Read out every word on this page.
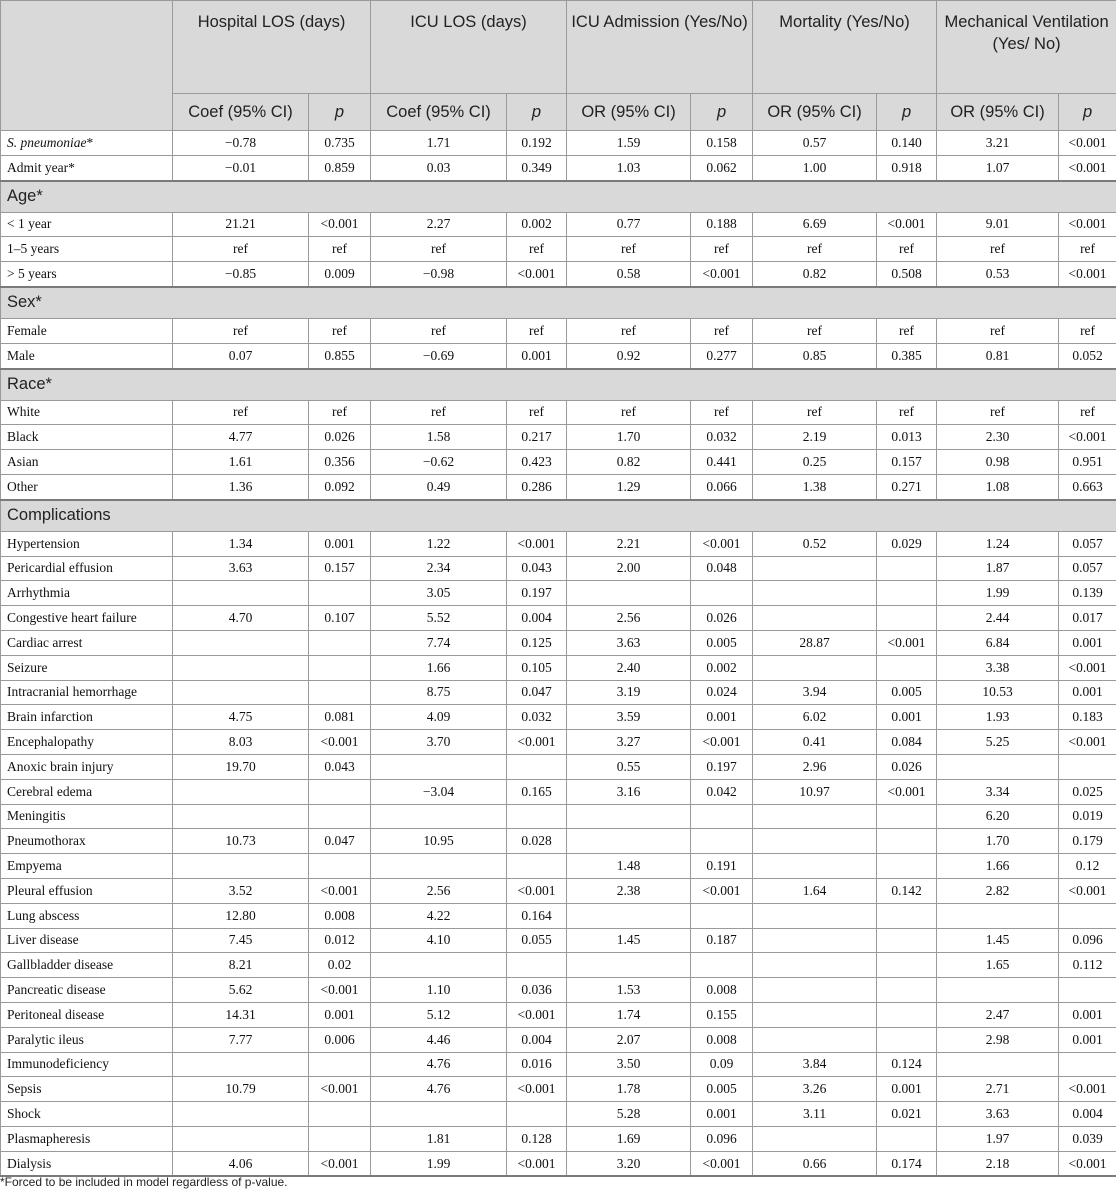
	Hospital LOS (days)		ICU LOS (days)		ICU Admission (Yes/No)		Mortality (Yes/No)		Mechanical Ventilation (Yes/ No)	
	Coef (95% CI)	p	Coef (95% CI)	p	OR (95% CI)	p	OR (95% CI)	p	OR (95% CI)	p
S. pneumoniae*	−0.78	0.735	1.71	0.192	1.59	0.158	0.57	0.140	3.21	<0.001
Admit year*	−0.01	0.859	0.03	0.349	1.03	0.062	1.00	0.918	1.07	<0.001
Age*										
< 1 year	21.21	<0.001	2.27	0.002	0.77	0.188	6.69	<0.001	9.01	<0.001
1–5 years	ref	ref	ref	ref	ref	ref	ref	ref	ref	ref
> 5 years	−0.85	0.009	−0.98	<0.001	0.58	<0.001	0.82	0.508	0.53	<0.001
Sex*										
Female	ref	ref	ref	ref	ref	ref	ref	ref	ref	ref
Male	0.07	0.855	−0.69	0.001	0.92	0.277	0.85	0.385	0.81	0.052
Race*										
White	ref	ref	ref	ref	ref	ref	ref	ref	ref	ref
Black	4.77	0.026	1.58	0.217	1.70	0.032	2.19	0.013	2.30	<0.001
Asian	1.61	0.356	−0.62	0.423	0.82	0.441	0.25	0.157	0.98	0.951
Other	1.36	0.092	0.49	0.286	1.29	0.066	1.38	0.271	1.08	0.663
Complications										
Hypertension	1.34	0.001	1.22	<0.001	2.21	<0.001	0.52	0.029	1.24	0.057
Pericardial effusion	3.63	0.157	2.34	0.043	2.00	0.048			1.87	0.057
Arrhythmia			3.05	0.197					1.99	0.139
Congestive heart failure	4.70	0.107	5.52	0.004	2.56	0.026			2.44	0.017
Cardiac arrest			7.74	0.125	3.63	0.005	28.87	<0.001	6.84	0.001
Seizure			1.66	0.105	2.40	0.002			3.38	<0.001
Intracranial hemorrhage			8.75	0.047	3.19	0.024	3.94	0.005	10.53	0.001
Brain infarction	4.75	0.081	4.09	0.032	3.59	0.001	6.02	0.001	1.93	0.183
Encephalopathy	8.03	<0.001	3.70	<0.001	3.27	<0.001	0.41	0.084	5.25	<0.001
Anoxic brain injury	19.70	0.043			0.55	0.197	2.96	0.026		
Cerebral edema			−3.04	0.165	3.16	0.042	10.97	<0.001	3.34	0.025
Meningitis									6.20	0.019
Pneumothorax	10.73	0.047	10.95	0.028					1.70	0.179
Empyema					1.48	0.191			1.66	0.12
Pleural effusion	3.52	<0.001	2.56	<0.001	2.38	<0.001	1.64	0.142	2.82	<0.001
Lung abscess	12.80	0.008	4.22	0.164						
Liver disease	7.45	0.012	4.10	0.055	1.45	0.187			1.45	0.096
Gallbladder disease	8.21	0.02							1.65	0.112
Pancreatic disease	5.62	<0.001	1.10	0.036	1.53	0.008				
Peritoneal disease	14.31	0.001	5.12	<0.001	1.74	0.155			2.47	0.001
Paralytic ileus	7.77	0.006	4.46	0.004	2.07	0.008			2.98	0.001
Immunodeficiency			4.76	0.016	3.50	0.09	3.84	0.124		
Sepsis	10.79	<0.001	4.76	<0.001	1.78	0.005	3.26	0.001	2.71	<0.001
Shock					5.28	0.001	3.11	0.021	3.63	0.004
Plasmapheresis			1.81	0.128	1.69	0.096			1.97	0.039
Dialysis	4.06	<0.001	1.99	<0.001	3.20	<0.001	0.66	0.174	2.18	<0.001
*Forced to be included in model regardless of p-value.
